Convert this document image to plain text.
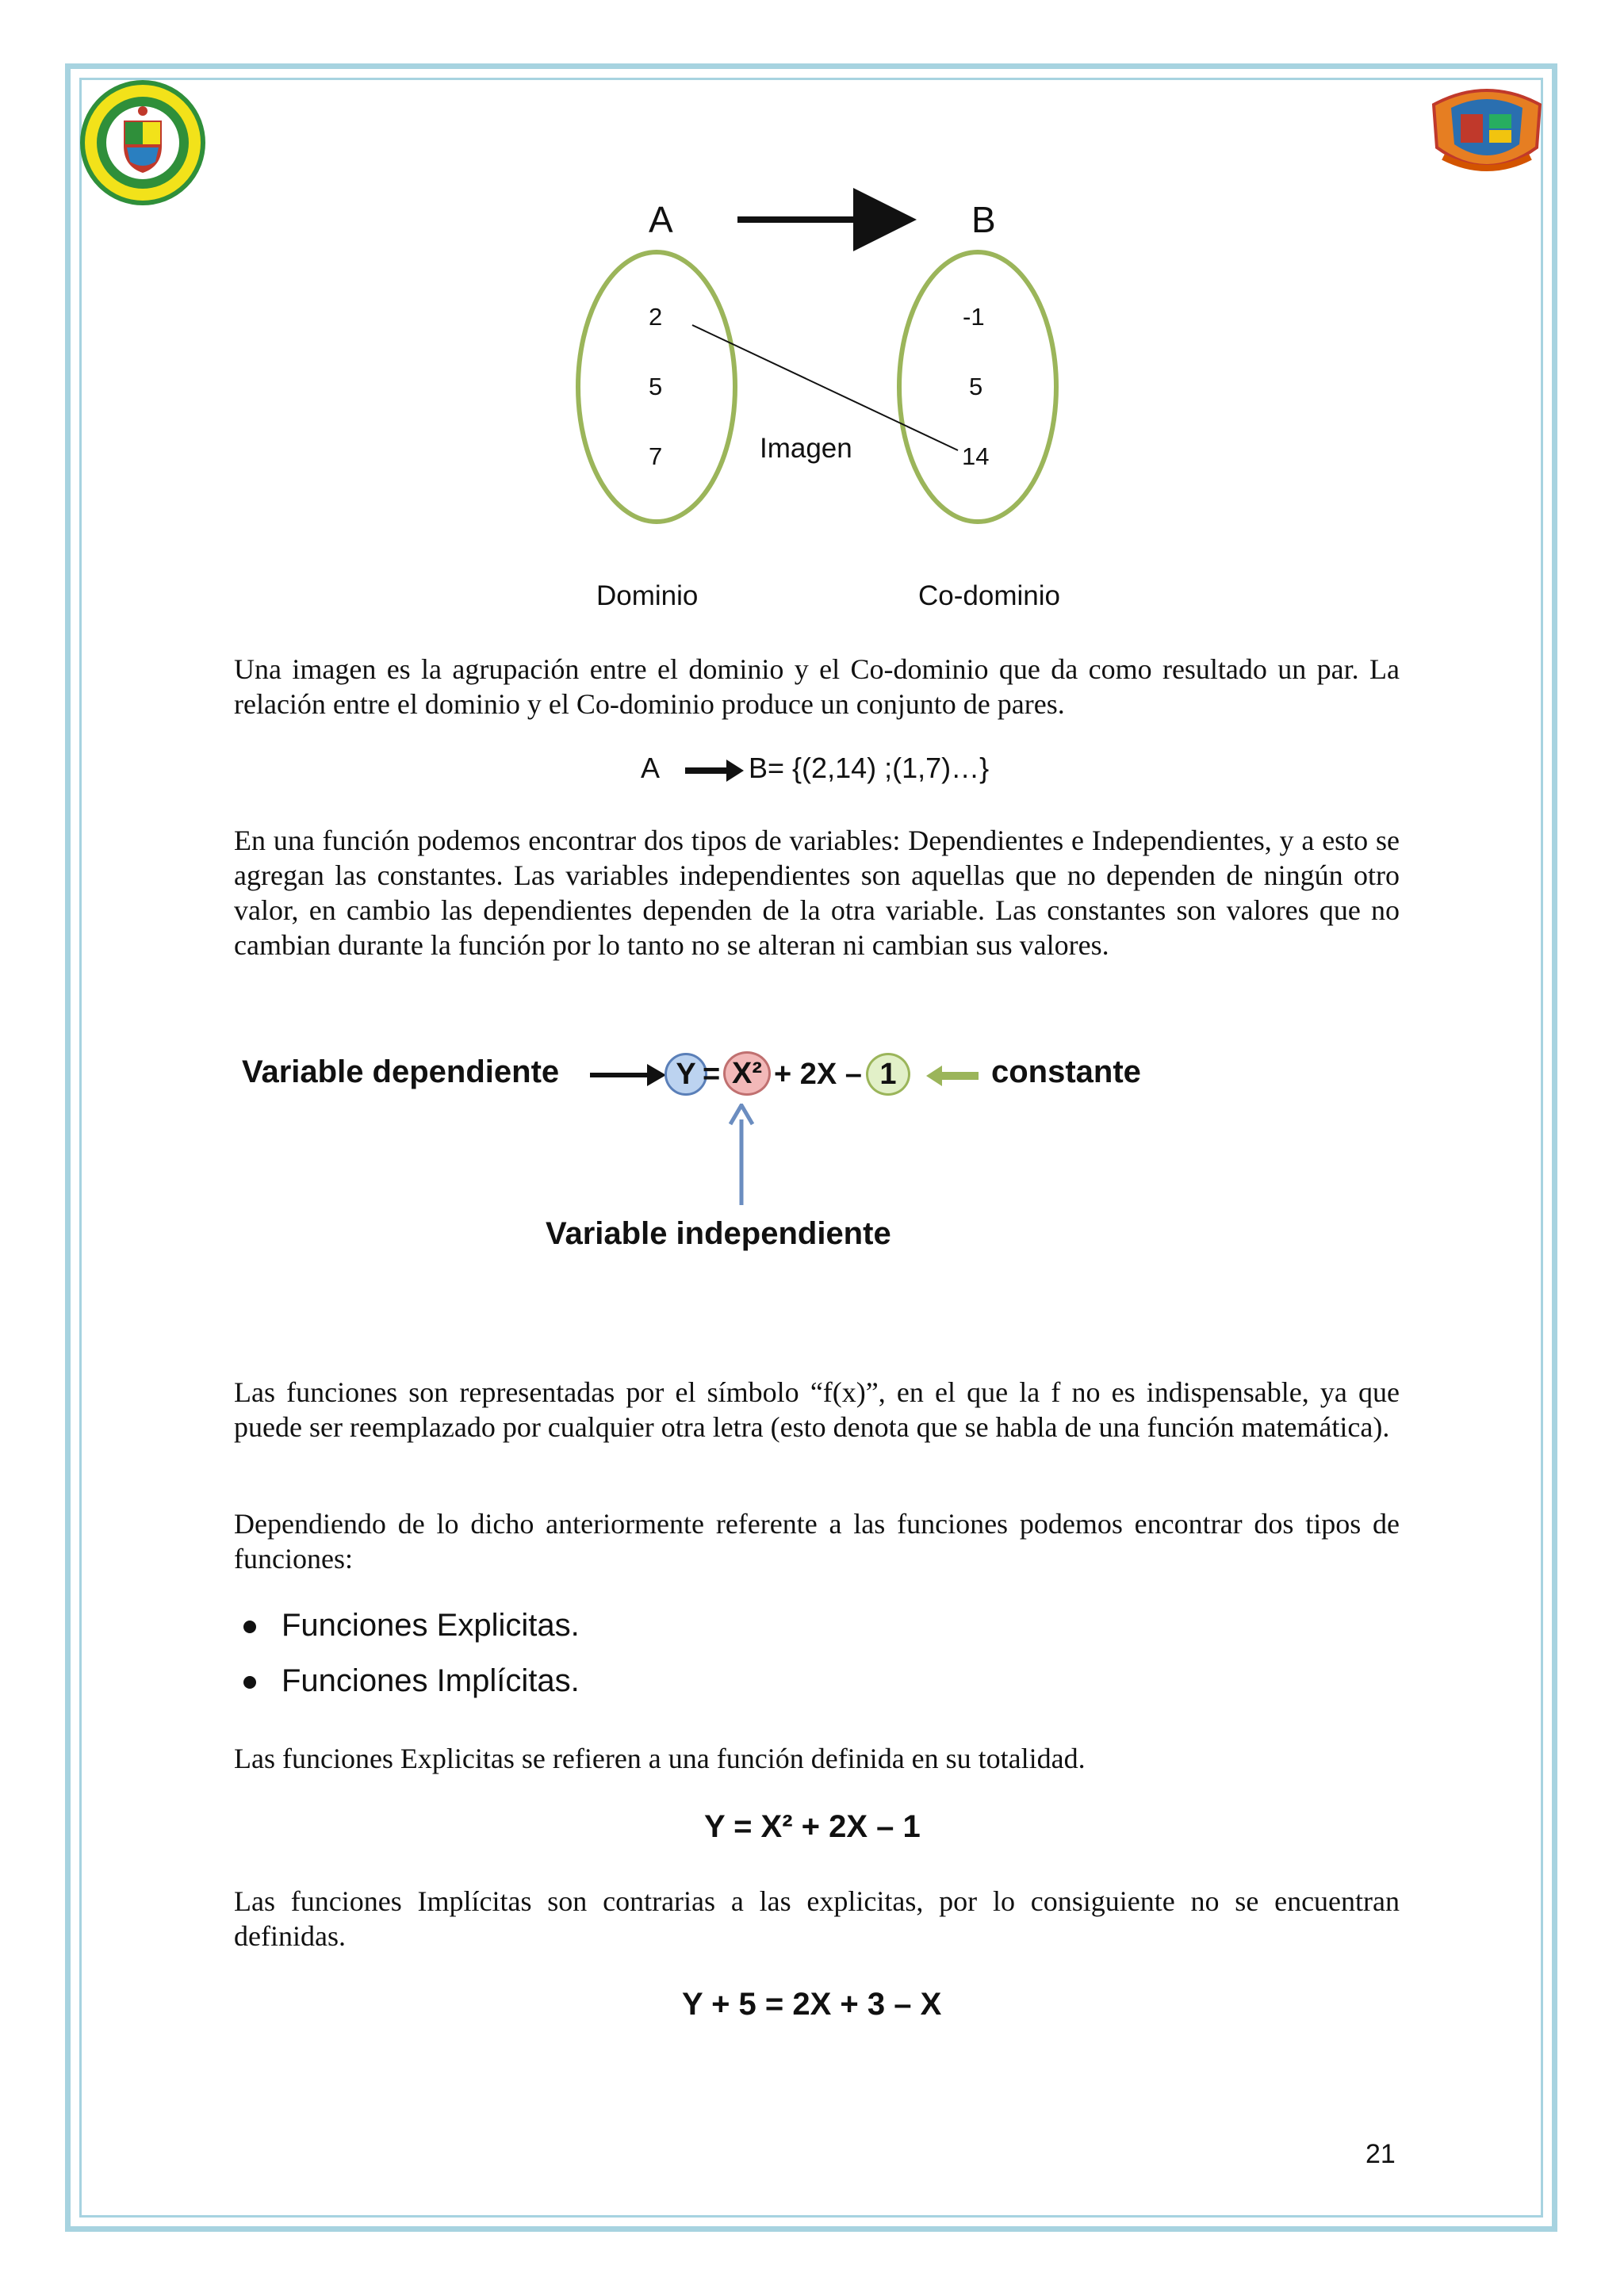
A	B
2
5
7
-1
5
14
Imagen
Dominio	Co-dominio

Una imagen es la agrupación entre el dominio y el Co-dominio que da como resultado un par. La relación entre el dominio y el Co-dominio produce un conjunto de pares.

A	B= {(2,14) ;(1,7)…}

En una función podemos encontrar dos tipos de variables: Dependientes e Independientes, y a esto se agregan las constantes. Las variables independientes son aquellas que no dependen de ningún otro valor, en cambio las dependientes dependen de la otra variable. Las constantes son valores que no cambian durante la función por lo tanto no se alteran ni cambian sus valores.

Variable dependiente	Y = X² + 2X – 1	constante
Variable independiente

Las funciones son representadas por el símbolo “f(x)”, en el que la f no es indispensable, ya que puede ser reemplazado por cualquier otra letra (esto denota que se habla de una función matemática).

Dependiendo de lo dicho anteriormente referente a las funciones podemos encontrar dos tipos de funciones:

Funciones Explicitas.
Funciones Implícitas.

Las funciones Explicitas se refieren a una función definida en su totalidad.

Y = X² + 2X – 1

Las funciones Implícitas son contrarias a las explicitas, por lo consiguiente no se encuentran definidas.

Y + 5 = 2X + 3 – X
21
